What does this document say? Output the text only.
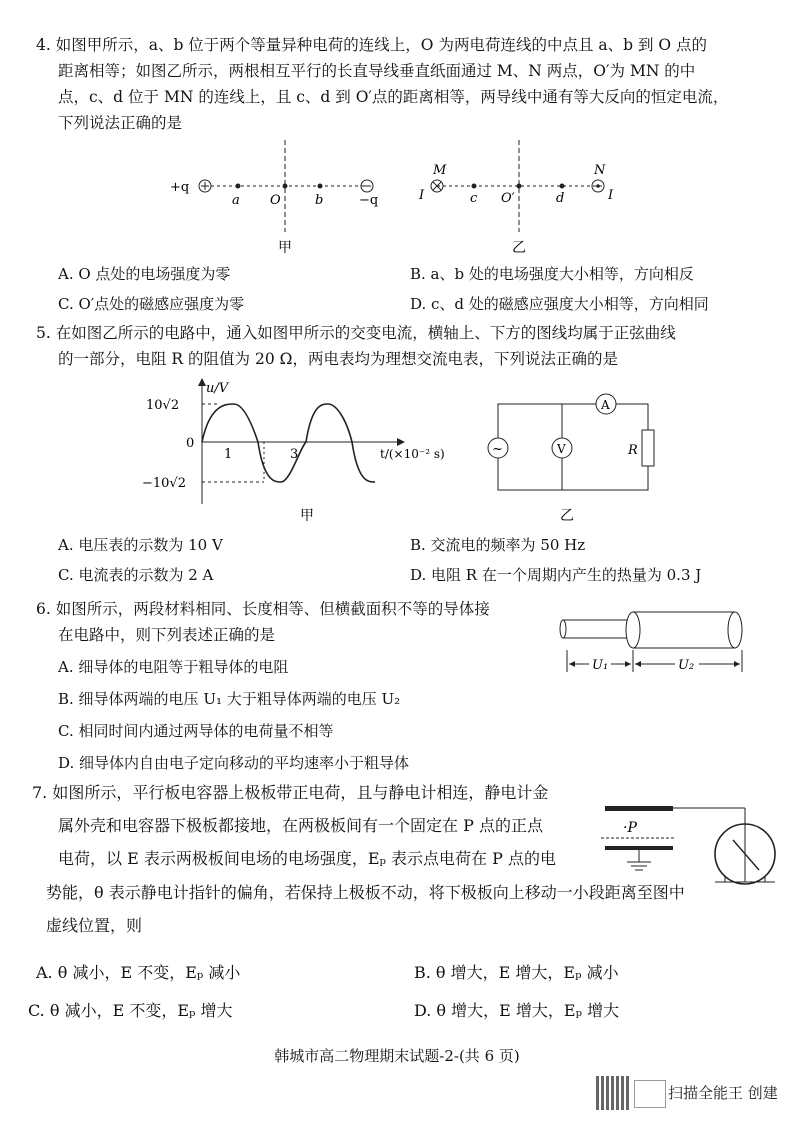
4. 如图甲所示，a、b 位于两个等量异种电荷的连线上，O 为两电荷连线的中点且 a、b 到 O 点的
距离相等；如图乙所示，两根相互平行的长直导线垂直纸面通过 M、N 两点，O′为 MN 的中
点，c、d 位于 MN 的连线上，且 c、d 到 O′点的距离相等，两导线中通有等大反向的恒定电流，
下列说法正确的是
+q
a O	b	−q
甲
M
I	c O′	d
N
I
乙
A. O 点处的电场强度为零	B. a、b 处的电场强度大小相等，方向相反
C. O′点处的磁感应强度为零	D. c、d 处的磁感应强度大小相等，方向相同
5. 在如图乙所示的电路中，通入如图甲所示的交变电流，横轴上、下方的图线均属于正弦曲线
的一部分，电阻 R 的阻值为 20 Ω，两电表均为理想交流电表，下列说法正确的是
10√2
u/V
0
−10√2
1	3	t/(×10⁻² s)
甲
A
V
~	R
乙
A. 电压表的示数为 10 V	B. 交流电的频率为 50 Hz
C. 电流表的示数为 2 A	D. 电阻 R 在一个周期内产生的热量为 0.3 J
6. 如图所示，两段材料相同、长度相等、但横截面积不等的导体接
在电路中，则下列表述正确的是
A. 细导体的电阻等于粗导体的电阻
B. 细导体两端的电压 U₁ 大于粗导体两端的电压 U₂
C. 相同时间内通过两导体的电荷量不相等
D. 细导体内自由电子定向移动的平均速率小于粗导体
U₁	U₂
7. 如图所示，平行板电容器上极板带正电荷，且与静电计相连，静电计金
属外壳和电容器下极板都接地，在两极板间有一个固定在 P 点的正点
电荷，以 E 表示两极板间电场的电场强度，Eₚ 表示点电荷在 P 点的电
势能，θ 表示静电计指针的偏角，若保持上极板不动，将下极板向上移动一小段距离至图中
虚线位置，则
·P
A. θ 减小，E 不变，Eₚ 减小	B. θ 增大，E 增大，Eₚ 减小
C. θ 减小，E 不变，Eₚ 增大	D. θ 增大，E 增大，Eₚ 增大
韩城市高二物理期末试题-2-(共 6 页)
扫描全能王 创建
